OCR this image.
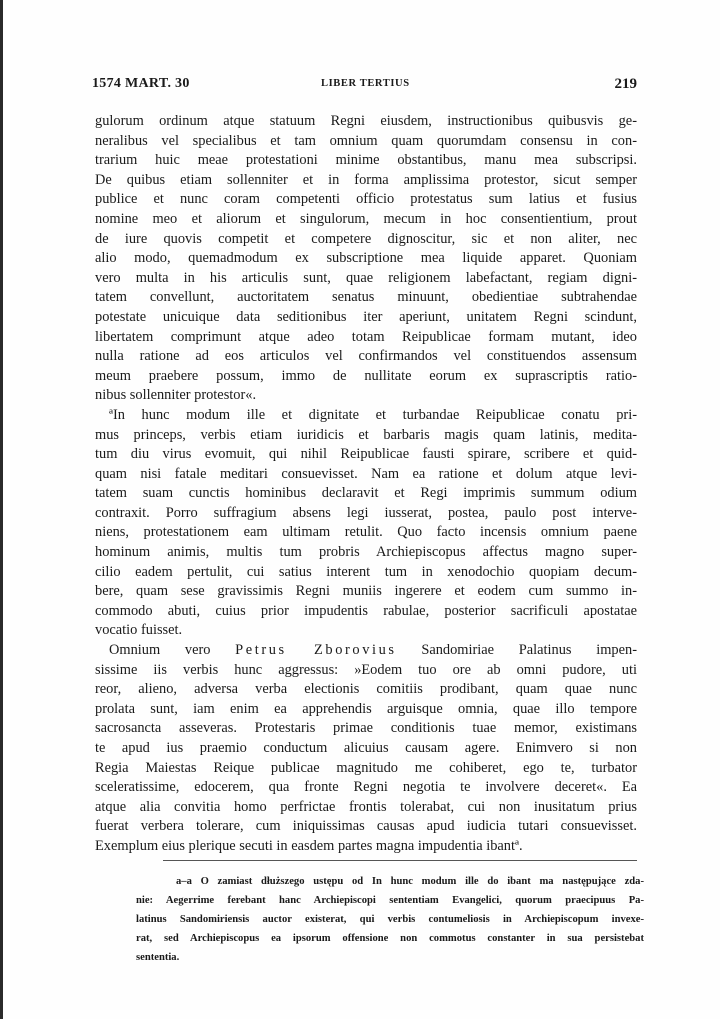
1574 MART. 30	LIBER TERTIUS	219
gulorum ordinum atque statuum Regni eiusdem, instructionibus quibusvis ge-
neralibus vel specialibus et tam omnium quam quorumdam consensu in con-
trarium huic meae protestationi minime obstantibus, manu mea subscripsi.
De quibus etiam sollenniter et in forma amplissima protestor, sicut semper
publice et nunc coram competenti officio protestatus sum latius et fusius
nomine meo et aliorum et singulorum, mecum in hoc consentientium, prout
de iure quovis competit et competere dignoscitur, sic et non aliter, nec
alio modo, quemadmodum ex subscriptione mea liquide apparet. Quoniam
vero multa in his articulis sunt, quae religionem labefactant, regiam digni-
tatem convellunt, auctoritatem senatus minuunt, obedientiae subtrahendae
potestate unicuique data seditionibus iter aperiunt, unitatem Regni scindunt,
libertatem comprimunt atque adeo totam Reipublicae formam mutant, ideo
nulla ratione ad eos articulos vel confirmandos vel constituendos assensum
meum praebere possum, immo de nullitate eorum ex suprascriptis ratio-
nibus sollenniter protestor«.
ªIn hunc modum ille et dignitate et turbandae Reipublicae conatu pri-
mus princeps, verbis etiam iuridicis et barbaris magis quam latinis, medita-
tum diu virus evomuit, qui nihil Reipublicae fausti spirare, scribere et quid-
quam nisi fatale meditari consuevisset. Nam ea ratione et dolum atque levi-
tatem suam cunctis hominibus declaravit et Regi imprimis summum odium
contraxit. Porro suffragium absens legi iusserat, postea, paulo post interve-
niens, protestationem eam ultimam retulit. Quo facto incensis omnium paene
hominum animis, multis tum probris Archiepiscopus affectus magno super-
cilio eadem pertulit, cui satius interent tum in xenodochio quopiam decum-
bere, quam sese gravissimis Regni muniis ingerere et eodem cum summo in-
commodo abuti, cuius prior impudentis rabulae, posterior sacrificuli apostatae
vocatio fuisset.
Omnium vero Petrus Zborovius Sandomiriae Palatinus impen-
sissime iis verbis hunc aggressus: »Eodem tuo ore ab omni pudore, uti
reor, alieno, adversa verba electionis comitiis prodibant, quam quae nunc
prolata sunt, iam enim ea apprehendis arguisque omnia, quae illo tempore
sacrosancta asseveras. Protestaris primae conditionis tuae memor, existimans
te apud ius praemio conductum alicuius causam agere. Enimvero si non
Regia Maiestas Reique publicae magnitudo me cohiberet, ego te, turbator
sceleratissime, edocerem, qua fronte Regni negotia te involvere deceret«. Ea
atque alia convitia homo perfrictae frontis tolerabat, cui non inusitatum prius
fuerat verbera tolerare, cum iniquissimas causas apud iudicia tutari consuevisset.
Exemplum eius plerique secuti in easdem partes magna impudentia ibantª.
a–a O zamiast dłuższego ustępu od In hunc modum ille do ibant ma następujące zda-
nie: Aegerrime ferebant hanc Archiepiscopi sententiam Evangelici, quorum praecipuus Pa-
latinus Sandomiriensis auctor existerat, qui verbis contumeliosis in Archiepiscopum invexe-
rat, sed Archiepiscopus ea ipsorum offensione non commotus constanter in sua persistebat
sententia.
